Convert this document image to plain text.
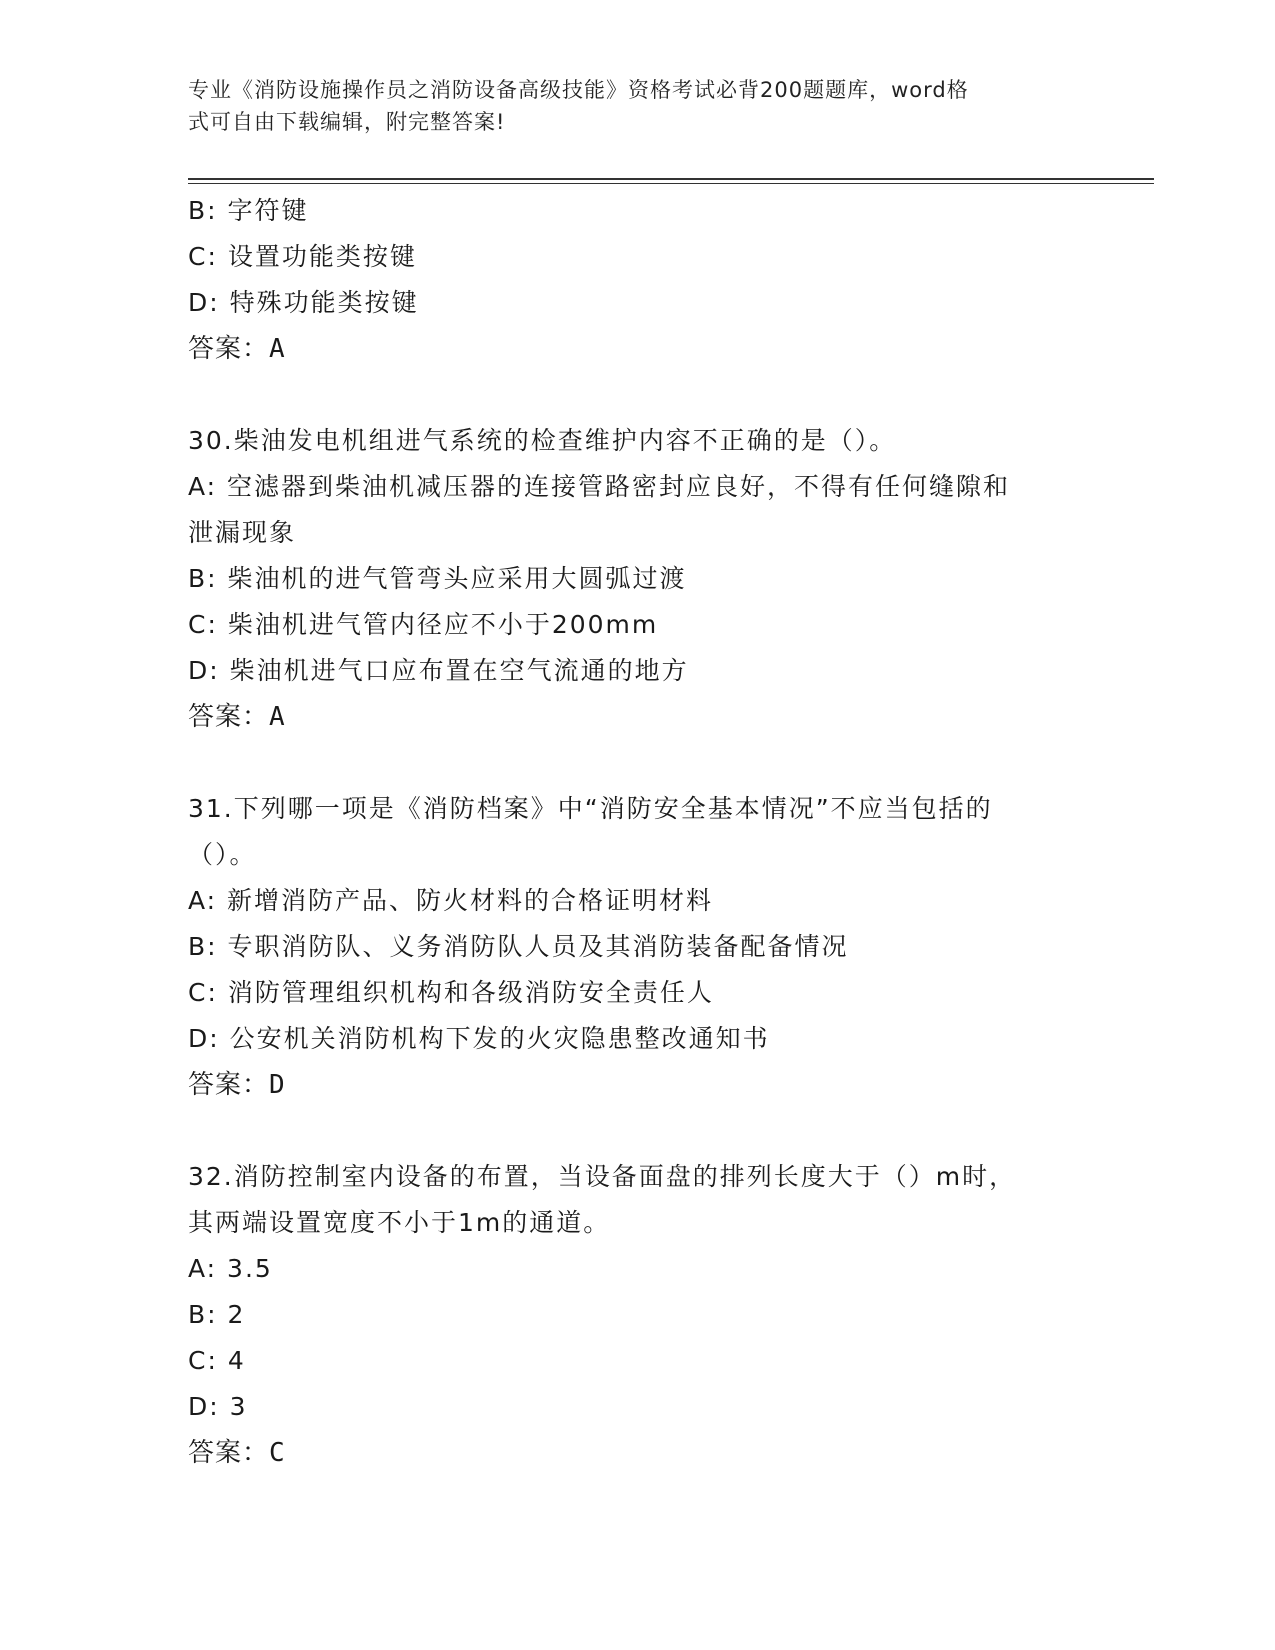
专业《消防设施操作员之消防设备高级技能》资格考试必背200题题库，word格
式可自由下载编辑，附完整答案!
B: 字符键
C: 设置功能类按键
D: 特殊功能类按键
答案：A
30.柴油发电机组进气系统的检查维护内容不正确的是（）。
A: 空滤器到柴油机减压器的连接管路密封应良好，不得有任何缝隙和
泄漏现象
B: 柴油机的进气管弯头应采用大圆弧过渡
C: 柴油机进气管内径应不小于200mm
D: 柴油机进气口应布置在空气流通的地方
答案：A
31.下列哪一项是《消防档案》中“消防安全基本情况”不应当包括的
（）。
A: 新增消防产品、防火材料的合格证明材料
B: 专职消防队、义务消防队人员及其消防装备配备情况
C: 消防管理组织机构和各级消防安全责任人
D: 公安机关消防机构下发的火灾隐患整改通知书
答案：D
32.消防控制室内设备的布置，当设备面盘的排列长度大于（）m时，
其两端设置宽度不小于1m的通道。
A: 3.5
B: 2
C: 4
D: 3
答案：C
